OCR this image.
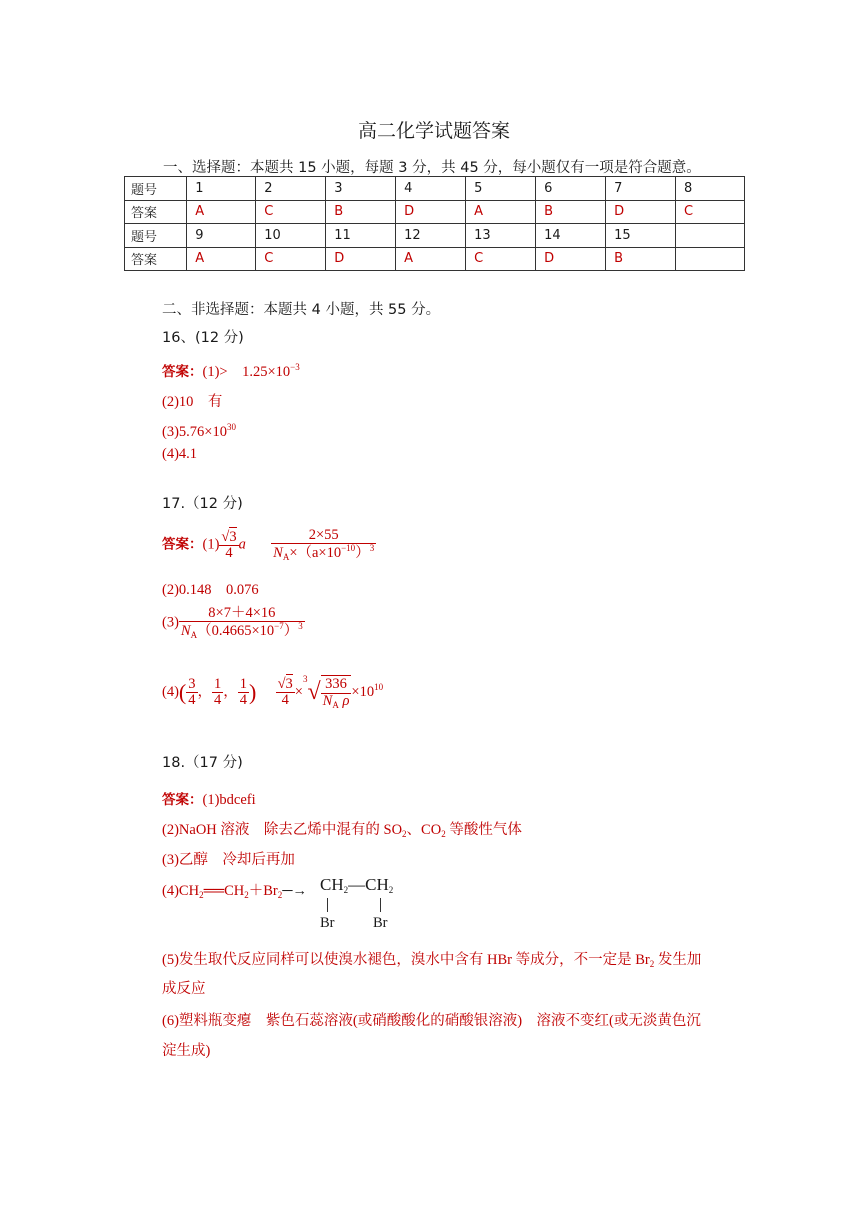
高二化学试题答案
一、选择题：本题共 15 小题，每题 3 分，共 45 分，每小题仅有一项是符合题意。
题号	1	2	3	4	5	6	7	8
答案	A	C	B	D	A	B	D	C
题号	9	10	11	12	13	14	15	
答案	A	C	D	A	C	D	B	
二、非选择题：本题共 4 小题，共 55 分。
16、(12 分)
答案：(1)>　$1.25\times 10^{-3}$
(2)10　有
$(3)5.76\times 10^{30}$
(4)4.1
17.（12 分)
答案：$(1) \frac{√3}{4}$ a $\frac{2\times 55}{N_A\times(a\times 10^{-10})^3}$
(2)0.148　0.076
$(3) \frac{8\times 7+4\times 16}{N_A(0.4665\times 10^{-7})^3}$
$(4)( \frac{3}{4}$ ， $\frac{1}{4}$ ， $\frac{1}{4}$ ) $\frac{√3}{4} \times^3√ \frac{336}{N_A \rho} \times 10^{10}$
18.（17 分)
答案：(1)bdcefi
(2)NaOH 溶液　除去乙烯中混有的 $SO_2$、$CO_2$ 等酸性气体
(3)乙醇　冷却后再加
$(4)CH_2══CH_2+Br_2─\to$ $CH_2—CH_2$
Br	Br
(5)发生取代反应同样可以使溴水褪色，溴水中含有 HBr 等成分，不一定是 $Br_2$ 发生加
成反应
(6)塑料瓶变瘪　紫色石蕊溶液(或硝酸酸化的硝酸银溶液)　溶液不变红(或无淡黄色沉
淀生成)
